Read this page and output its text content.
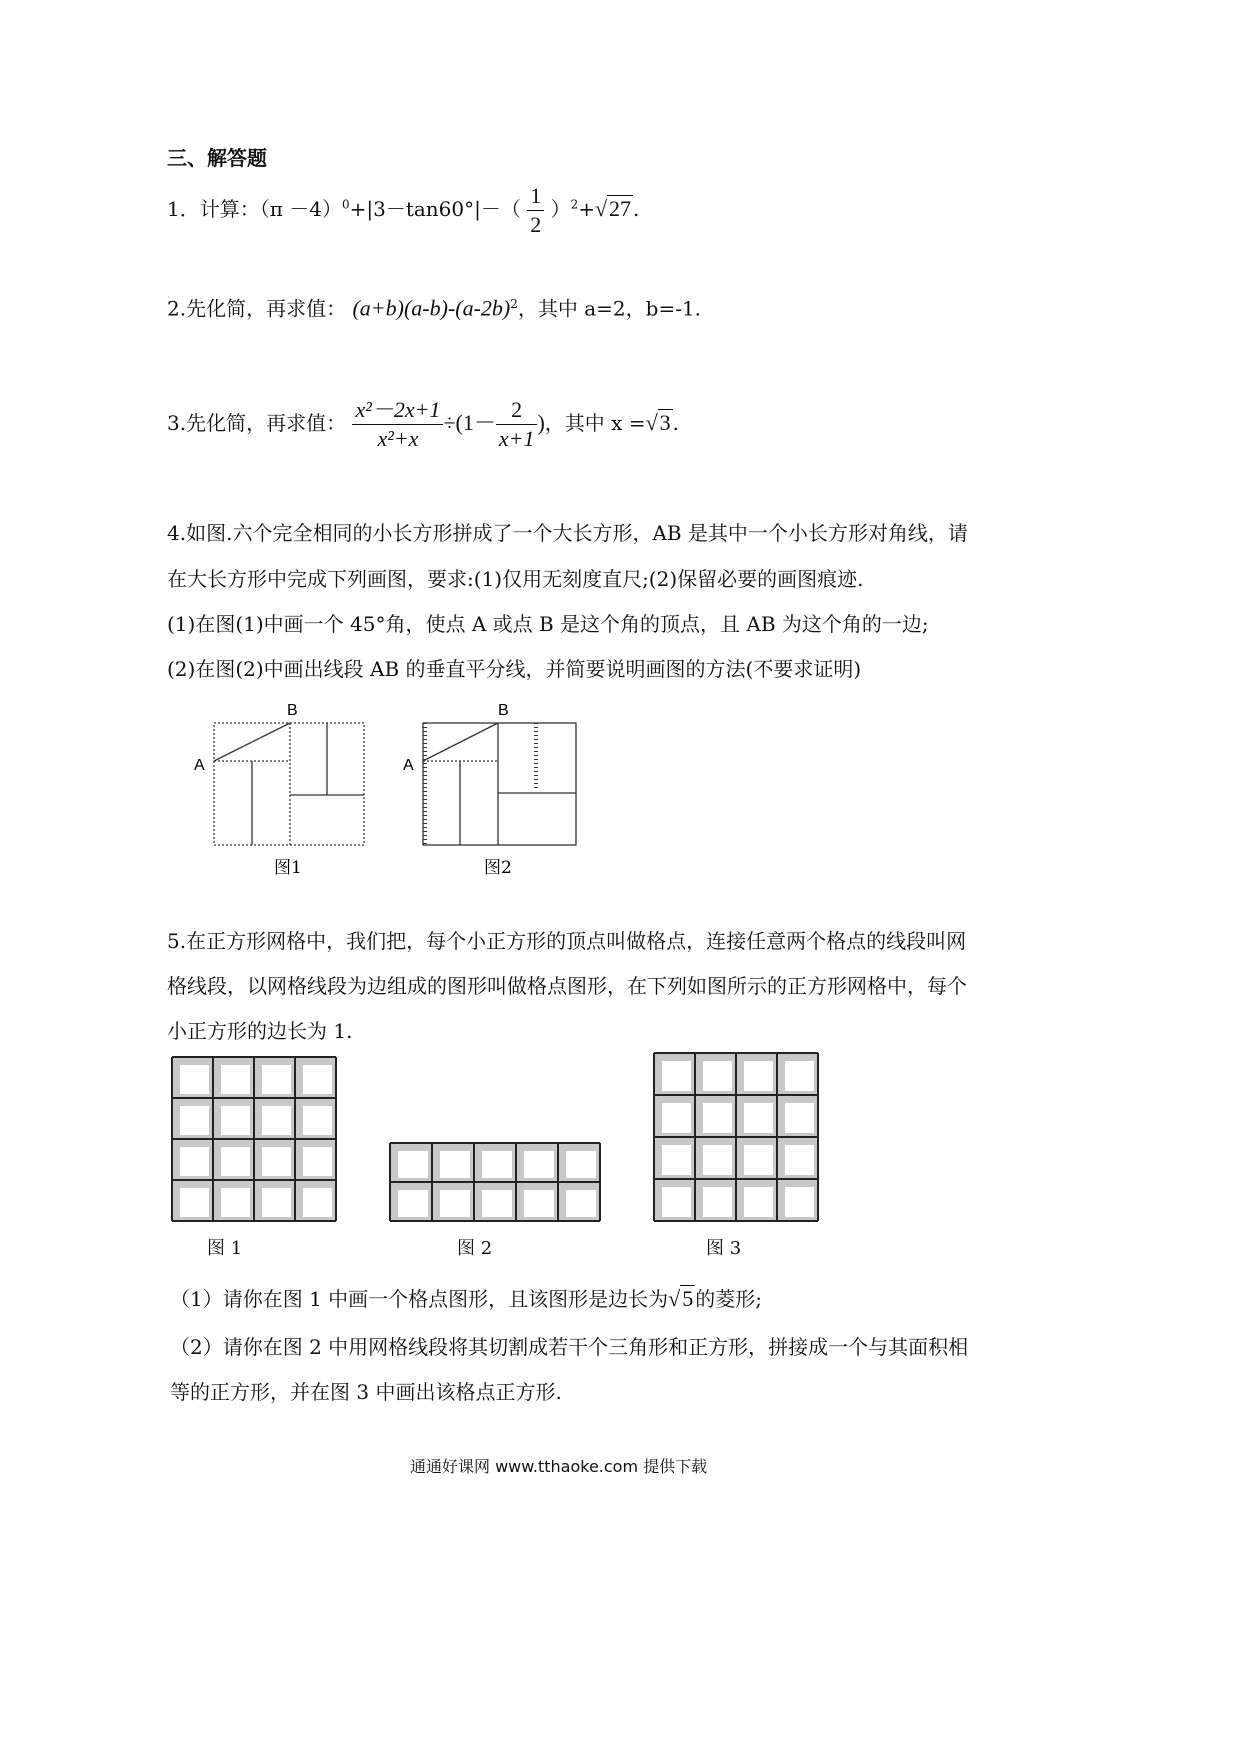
三、解答题
1．计算：$(\pi -4)^0+|3-\tan 60^\circ|-( \frac{1}{2} )^2+√27$ .
2.先化简，再求值： $(a+b)(a-b)-(a-2b)^2$，其中 a=2，b=-1.
3.先化简，再求值： $\frac{\text{x²－2x+1}}{\text{x²+x}} \div(1- \frac{2}{x+1}$ )，其中 x =√3 .
4.如图.六个完全相同的小长方形拼成了一个大长方形，AB 是其中一个小长方形对角线，请
在大长方形中完成下列画图，要求:(1)仅用无刻度直尺;(2)保留必要的画图痕迹.
(1)在图(1)中画一个 45°角，使点 A 或点 B 是这个角的顶点，且 AB 为这个角的一边;
(2)在图(2)中画出线段 AB 的垂直平分线，并简要说明画图的方法(不要求证明)
A
B
图1
A
B
图2
5.在正方形网格中，我们把，每个小正方形的顶点叫做格点，连接任意两个格点的线段叫网
格线段，以网格线段为边组成的图形叫做格点图形，在下列如图所示的正方形网格中，每个
小正方形的边长为 1.
图 1	图 2	图 3
（1）请你在图 1 中画一个格点图形，且该图形是边长为√5 的菱形;
（2）请你在图 2 中用网格线段将其切割成若干个三角形和正方形，拼接成一个与其面积相
等的正方形，并在图 3 中画出该格点正方形.
通通好课网 www.tthaoke.com 提供下载
